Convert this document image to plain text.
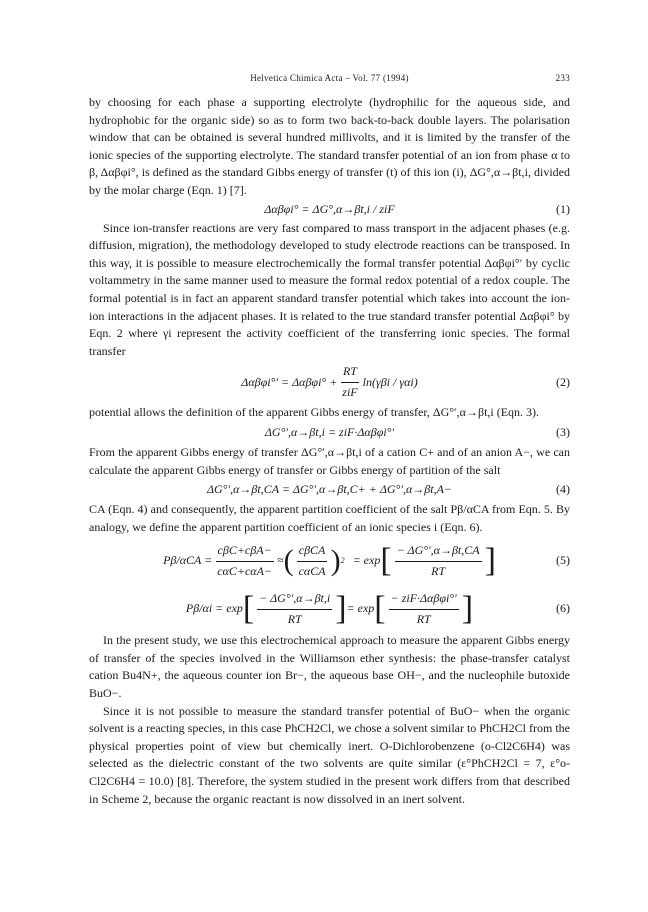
Helvetica Chimica Acta – Vol. 77 (1994)	233

by choosing for each phase a supporting electrolyte (hydrophilic for the aqueous side, and hydrophobic for the organic side) so as to form two back-to-back double layers. The polarisation window that can be obtained is several hundred millivolts, and it is limited by the transfer of the ionic species of the supporting electrolyte. The standard transfer potential of an ion from phase α to β, Δαβφi°, is defined as the standard Gibbs energy of transfer (t) of this ion (i), ΔG°,α→βt,i, divided by the molar charge (Eqn. 1) [7].

Δαβφi° = ΔG°,α→βt,i / ziF	(1)

Since ion-transfer reactions are very fast compared to mass transport in the adjacent phases (e.g. diffusion, migration), the methodology developed to study electrode reactions can be transposed. In this way, it is possible to measure electrochemically the formal transfer potential Δαβφi°′ by cyclic voltammetry in the same manner used to measure the formal redox potential of a redox couple. The formal potential is in fact an apparent standard transfer potential which takes into account the ion-ion interactions in the adjacent phases. It is related to the true standard transfer potential Δαβφi° by Eqn. 2 where γi represent the activity coefficient of the transferring ionic species. The formal transfer

$\Delta\alpha\beta\varphi i^\circ' = \Delta\alpha\beta\varphi i^\circ + \frac{RT}{\text{ziF}} \ln(\gamma\beta i / \gamma\alpha i)$	(2)

potential allows the definition of the apparent Gibbs energy of transfer, ΔG°′,α→βt,i (Eqn. 3).

ΔG°′,α→βt,i = ziF·Δαβφi°′	(3)

From the apparent Gibbs energy of transfer ΔG°′,α→βt,i of a cation C+ and of an anion A−, we can calculate the apparent Gibbs energy of transfer or Gibbs energy of partition of the salt

ΔG°′,α→βt,CA = ΔG°′,α→βt,C+ + ΔG°′,α→βt,A−	(4)

CA (Eqn. 4) and consequently, the apparent partition coefficient of the salt Pβ/αCA from Eqn. 5. By analogy, we define the apparent partition coefficient of an ionic species i (Eqn. 6).

$P\beta/\alpha CA = \frac{\text{cβC+cβA−}}{\text{cαC+cαA−}}$ ≈ ( $\frac{\text{cβCA}}{\text{cαCA}}$ ) 2 = exp [ $\frac{- \Delta G^\circ',\alpha\to\beta t,CA}{RT}$ ]	(5)
Pβ/αi = exp [ $\frac{- \Delta G^\circ',\alpha\to\beta t,i}{RT}$ ] = exp [ $\frac{\text{− ziF·Δαβφi°′}}{RT}$ ]	(6)

In the present study, we use this electrochemical approach to measure the apparent Gibbs energy of transfer of the species involved in the Williamson ether synthesis: the phase-transfer catalyst cation Bu4N+, the aqueous counter ion Br−, the aqueous base OH−, and the nucleophile butoxide BuO−.

Since it is not possible to measure the standard transfer potential of BuO− when the organic solvent is a reacting species, in this case PhCH2Cl, we chose a solvent similar to PhCH2Cl from the physical properties point of view but chemically inert. O-Dichlorobenzene (o-Cl2C6H4) was selected as the dielectric constant of the two solvents are quite similar (ε°PhCH2Cl = 7, ε°o-Cl2C6H4 = 10.0) [8]. Therefore, the system studied in the present work differs from that described in Scheme 2, because the organic reactant is now dissolved in an inert solvent.
